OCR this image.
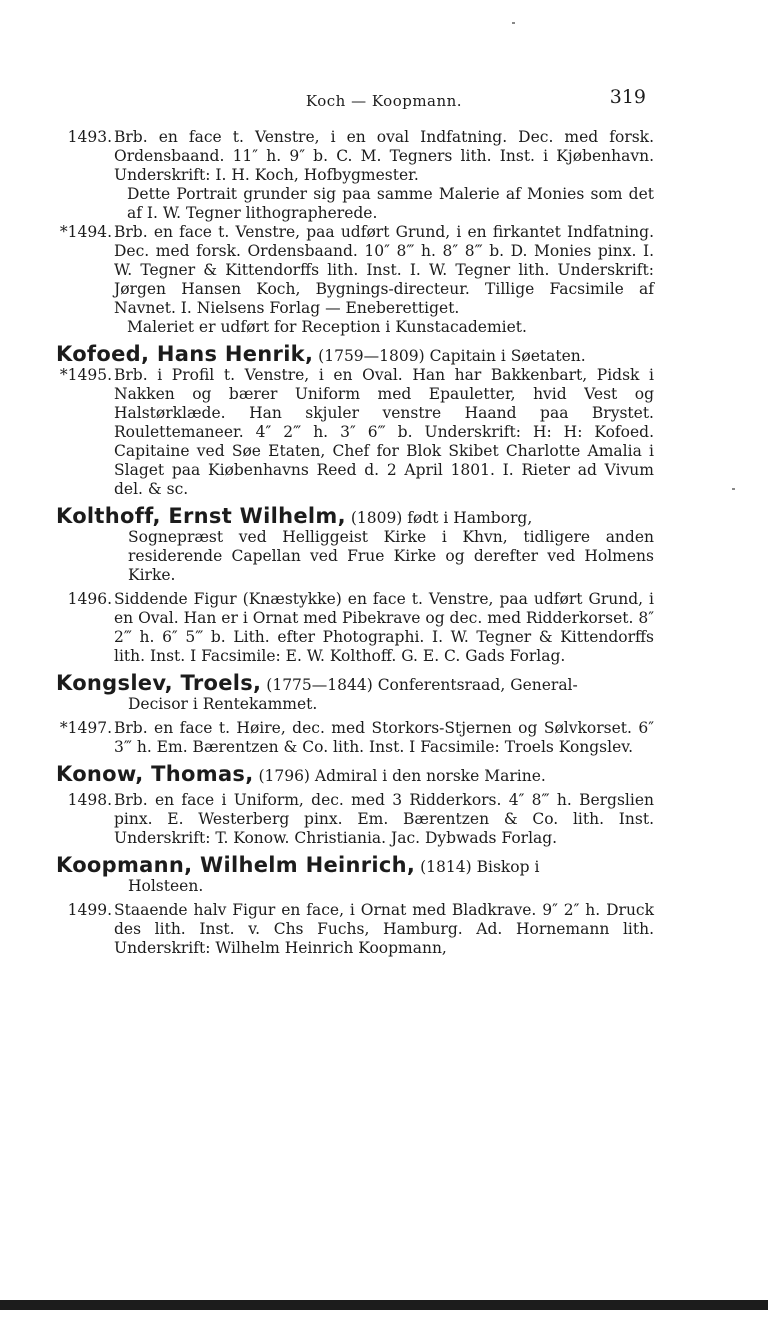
Koch — Koopmann.	319
1493. Brb. en face t. Venstre, i en oval Indfatning. Dec. med forsk. Ordensbaand. 11″ h. 9″ b. C. M. Tegners lith. Inst. i Kjøbenhavn. Underskrift: I. H. Koch, Hofbygmester.

Dette Portrait grunder sig paa samme Malerie af Monies som det af I. W. Tegner lithographerede.

*1494. Brb. en face t. Venstre, paa udført Grund, i en firkantet Indfatning. Dec. med forsk. Ordensbaand. 10″ 8‴ h. 8″ 8‴ b. D. Monies pinx. I. W. Tegner & Kittendorffs lith. Inst. I. W. Tegner lith. Underskrift: Jørgen Hansen Koch, Bygnings-directeur. Tillige Facsimile af Navnet. I. Nielsens Forlag — Eneberettiget.

Maleriet er udført for Reception i Kunstacademiet.

Kofoed, Hans Henrik, (1759—1809) Capitain i Søetaten.
*1495. Brb. i Profil t. Venstre, i en Oval. Han har Bakkenbart, Pidsk i Nakken og bærer Uniform med Epauletter, hvid Vest og Halstørklæde. Han skjuler venstre Haand paa Brystet. Roulettemaneer. 4″ 2‴ h. 3″ 6‴ b. Underskrift: H: H: Kofoed. Capitaine ved Søe Etaten, Chef for Blok Skibet Charlotte Amalia i Slaget paa Kiøbenhavns Reed d. 2 April 1801. I. Rieter ad Vivum del. & sc.

Kolthoff, Ernst Wilhelm, (1809) født i Hamborg,
Sognepræst ved Helliggeist Kirke i Khvn, tidligere anden residerende Capellan ved Frue Kirke og derefter ved Holmens Kirke.
1496. Siddende Figur (Knæstykke) en face t. Venstre, paa udført Grund, i en Oval. Han er i Ornat med Pibekrave og dec. med Ridderkorset. 8″ 2‴ h. 6″ 5‴ b. Lith. efter Photographi. I. W. Tegner & Kittendorffs lith. Inst. I Facsimile: E. W. Kolthoff. G. E. C. Gads Forlag.

Kongslev, Troels, (1775—1844) Conferentsraad, General-
Decisor i Rentekammet.
*1497. Brb. en face t. Høire, dec. med Storkors-Stjernen og Sølvkorset. 6″ 3‴ h. Em. Bærentzen & Co. lith. Inst. I Facsimile: Troels Kongslev.

Konow, Thomas, (1796) Admiral i den norske Marine.
1498. Brb. en face i Uniform, dec. med 3 Ridderkors. 4″ 8‴ h. Bergslien pinx. E. Westerberg pinx. Em. Bærentzen & Co. lith. Inst. Underskrift: T. Konow. Christiania. Jac. Dybwads Forlag.

Koopmann, Wilhelm Heinrich, (1814) Biskop i
Holsteen.
1499. Staaende halv Figur en face, i Ornat med Bladkrave. 9″ 2″ h. Druck des lith. Inst. v. Chs Fuchs, Hamburg. Ad. Hornemann lith. Underskrift: Wilhelm Heinrich Koopmann,
